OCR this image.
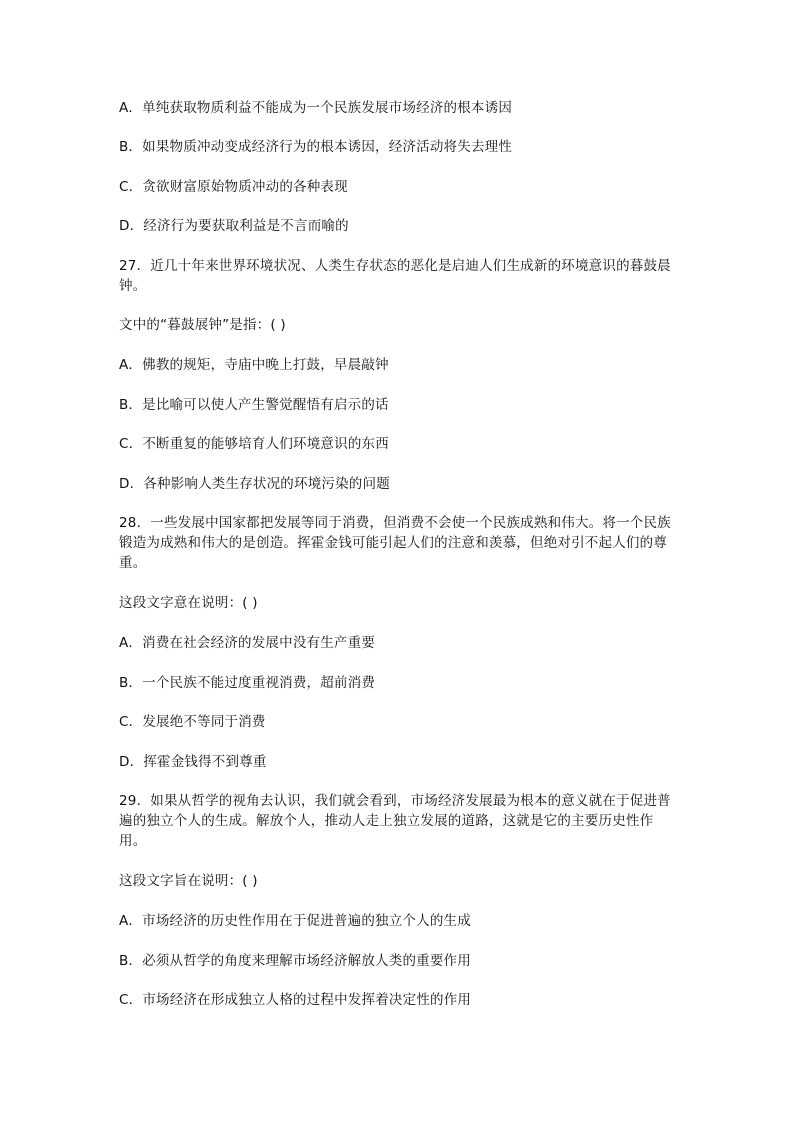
A．单纯获取物质利益不能成为一个民族发展市场经济的根本诱因
B．如果物质冲动变成经济行为的根本诱因，经济活动将失去理性
C．贪欲财富原始物质冲动的各种表现
D．经济行为要获取利益是不言而喻的
27．近几十年来世界环境状况、人类生存状态的恶化是启迪人们生成新的环境意识的暮鼓晨钟。
文中的“暮鼓展钟”是指：( )
A．佛教的规矩，寺庙中晚上打鼓，早晨敲钟
B．是比喻可以使人产生警觉醒悟有启示的话
C．不断重复的能够培育人们环境意识的东西
D．各种影响人类生存状况的环境污染的问题
28．一些发展中国家都把发展等同于消费，但消费不会使一个民族成熟和伟大。将一个民族锻造为成熟和伟大的是创造。挥霍金钱可能引起人们的注意和羡慕，但绝对引不起人们的尊重。
这段文字意在说明：( )
A．消费在社会经济的发展中没有生产重要
B．一个民族不能过度重视消费，超前消费
C．发展绝不等同于消费
D．挥霍金钱得不到尊重
29．如果从哲学的视角去认识，我们就会看到，市场经济发展最为根本的意义就在于促进普遍的独立个人的生成。解放个人，推动人走上独立发展的道路，这就是它的主要历史性作用。
这段文字旨在说明：( )
A．市场经济的历史性作用在于促进普遍的独立个人的生成
B．必须从哲学的角度来理解市场经济解放人类的重要作用
C．市场经济在形成独立人格的过程中发挥着决定性的作用
